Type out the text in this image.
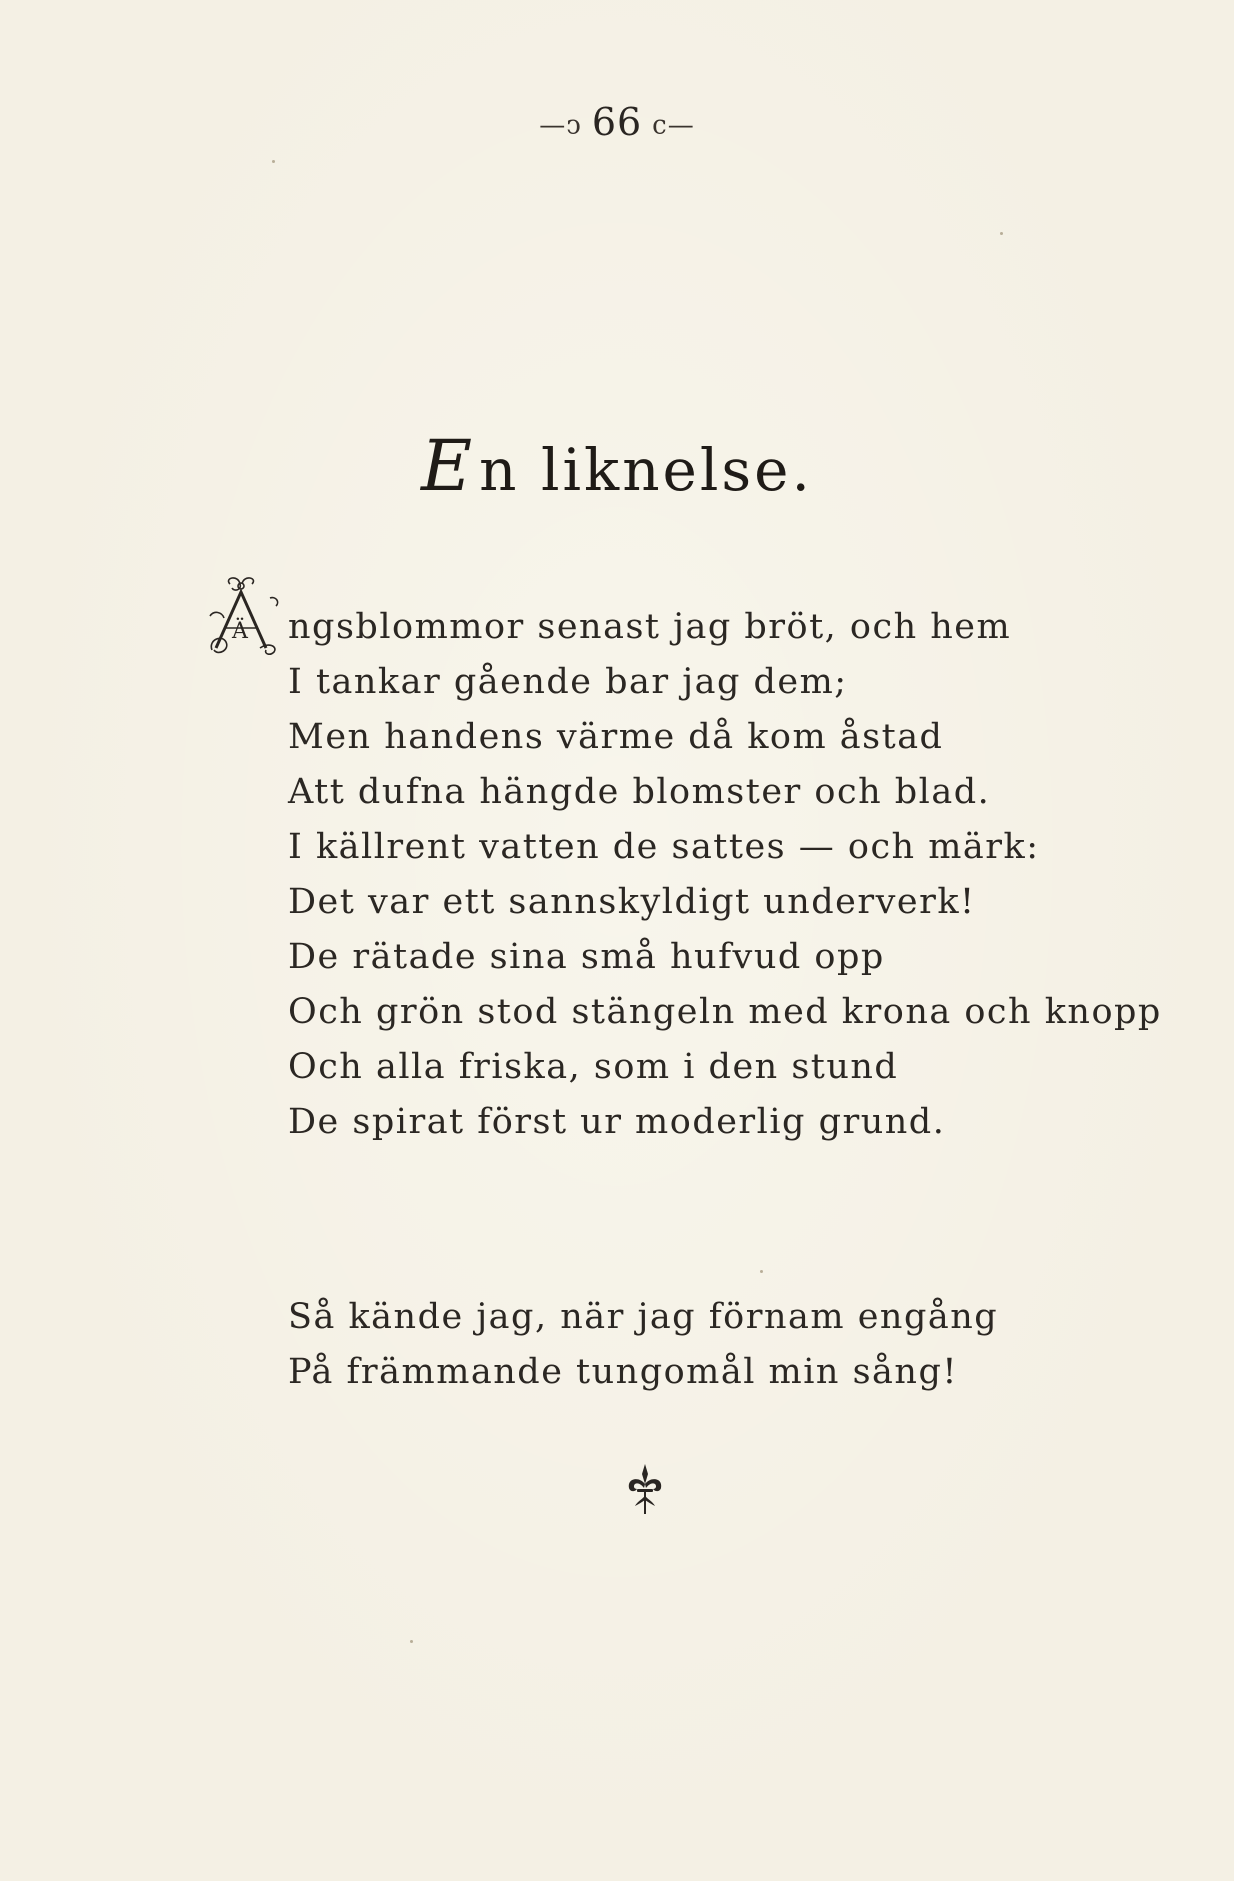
—ↄ 66 c—
En liknelse.
Ä ngsblommor senast jag bröt, och hem
I tankar gående bar jag dem;
Men handens värme då kom åstad
Att dufna hängde blomster och blad.
I källrent vatten de sattes — och märk:
Det var ett sannskyldigt underverk!
De rätade sina små hufvud opp
Och grön stod stängeln med krona och knopp
Och alla friska, som i den stund
De spirat först ur moderlig grund.
Så kände jag, när jag förnam engång
På främmande tungomål min sång!
